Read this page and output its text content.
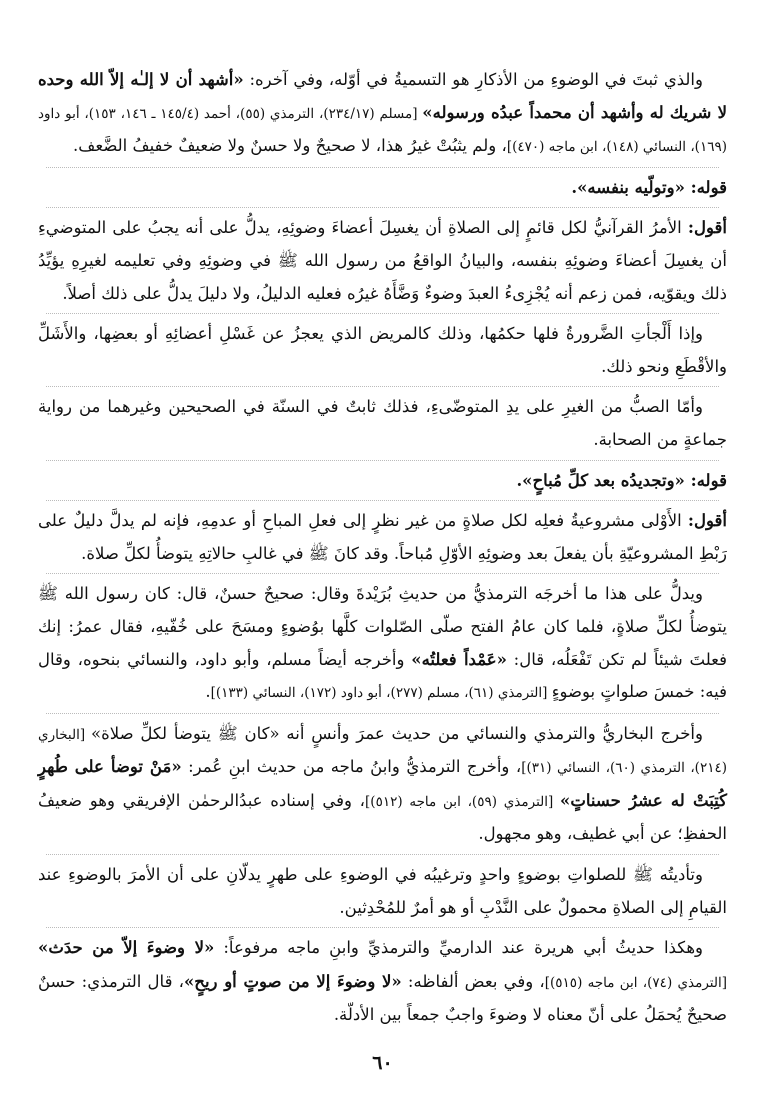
والذي ثبتَ في الوضوءِ من الأذكارِ هو التسميةُ في أوّله، وفي آخره: «أشهد أن لا إلـٰه إلاّ الله وحده لا شريك له وأشهد أن محمداً عبدُه ورسوله» [مسلم (٢٣٤/١٧)، الترمذي (٥٥)، أحمد (١٤٥/٤ ـ ١٤٦، ١٥٣)، أبو داود (١٦٩)، النسائي (١٤٨)، ابن ماجه (٤٧٠)]، ولم يثبُتْ غيرُ هذا، لا صحيحٌ ولا حسنٌ ولا ضعيفٌ خفيفُ الضَّعف.

قوله: «وتولّيه بنفسه».

أقول: الأمرُ القرآنيُّ لكل قائمٍ إلى الصلاةِ أن يغسِلَ أعضاءَ وضوئِهِ، يدلُّ على أنه يجبُ على المتوضيءِ أن يغسِلَ أعضاءَ وضوئِهِ بنفسه، والبيانُ الواقعُ من رسول الله ﷺ في وضوئِهِ وفي تعليمه لغيرِهِ يؤيِّدُ ذلك ويقوّيه، فمن زعم أنه يُجْزِىءُ العبدَ وضوءٌ وَضَّأَهُ غيرُه فعليه الدليلُ، ولا دليلَ يدلُّ على ذلك أصلاً.

وإذا أَلْجأتِ الضَّرورةُ فلها حكمُها، وذلك كالمريض الذي يعجزُ عن غَسْلِ أعضائِهِ أو بعضِها، والأَشَلِّ والأقْطَعِ ونحو ذلك.

وأمّا الصبُّ من الغيرِ على يدِ المتوضّىءِ، فذلك ثابتٌ في السنّة في الصحيحين وغيرهما من رواية جماعةٍ من الصحابة.

قوله: «وتجديدُه بعد كلِّ مُباحٍ».

أقول: الأَوْلى مشروعيةُ فعلِه لكل صلاةٍ من غير نظرٍ إلى فعلِ المباحِ أو عدمِهِ، فإنه لم يدلَّ دليلٌ على رَبْطِ المشروعيّةِ بأن يفعلَ بعد وضوئِهِ الأوّلِ مُباحاً. وقد كانَ ﷺ في غالبِ حالاتِهِ يتوضأُ لكلِّ صلاة.

ويدلُّ على هذا ما أخرجَه الترمذيُّ من حديثِ بُرَيْدةَ وقال: صحيحٌ حسنٌ، قال: كان رسول الله ﷺ يتوضأُ لكلِّ صلاةٍ، فلما كان عامُ الفتح صلّى الصّلوات كلَّها بوُضوءٍ ومسَحَ على خُفّيهِ، فقال عمرُ: إنك فعلتَ شيئاً لم تكن تَفْعَلُه، قال: «عَمْداً فعلتُه» وأخرجه أيضاً مسلم، وأبو داود، والنسائي بنحوه، وقال فيه: خمسَ صلواتٍ بوضوءٍ [الترمذي (٦١)، مسلم (٢٧٧)، أبو داود (١٧٢)، النسائي (١٣٣)].

وأخرج البخاريُّ والترمذي والنسائي من حديث عمرَ وأنسٍ أنه «كان ﷺ يتوضأ لكلِّ صلاة» [البخاري (٢١٤)، الترمذي (٦٠)، النسائي (٣١)]، وأخرج الترمذيُّ وابنُ ماجه من حديث ابنِ عُمر: «مَنْ توضأ على طُهرٍ كُتِبَتْ له عشرُ حسناتٍ» [الترمذي (٥٩)، ابن ماجه (٥١٢)]، وفي إسناده عبدُالرحمٰن الإفريقي وهو ضعيفُ الحفظِ؛ عن أبي غطيف، وهو مجهول.

وتأديتُه ﷺ للصلواتِ بوضوءٍ واحدٍ وترغيبُه في الوضوءِ على طهرٍ يدلّانِ على أن الأمرَ بالوضوءِ عند القيامِ إلى الصلاةِ محمولٌ على النَّدْبِ أو هو أمرٌ للمُحْدِثين.

وهكذا حديثُ أبي هريرة عند الدارميِّ والترمذيِّ وابنِ ماجه مرفوعاً: «لا وضوءَ إلاّ من حدَث» [الترمذي (٧٤)، ابن ماجه (٥١٥)]، وفي بعض ألفاظه: «لا وضوءَ إلا من صوتٍ أو ريحٍ»، قال الترمذي: حسنٌ صحيحٌ يُحمَلُ على أنّ معناه لا وضوءَ واجبٌ جمعاً بين الأدلّة.

٦٠
